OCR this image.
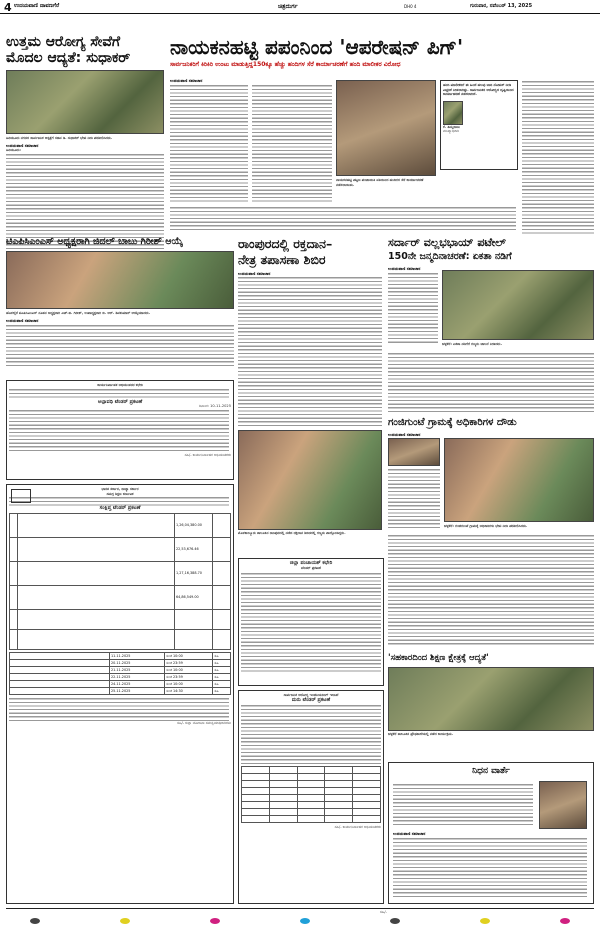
4 ಉದಯವಾಣಿ ದಾವಣಗೆರೆ	ಚಿತ್ರದುರ್ಗ	DH0 4	ಗುರುವಾರ, ನವೆಂಬರ್ 13, 2025
ಉತ್ತಮ ಆರೋಗ್ಯ ಸೇವೆಗೆ
ಮೊದಲ ಆದ್ಯತೆ: ಸುಧಾಕರ್
ಹಿರಿಯೂರು ನಗರದ ಸಾರ್ವಜನಿಕ ಆಸ್ಪತ್ರೆಗೆ ಸಚಿವ ಡಿ. ಸುಧಾಕರ್ ಭೇಟಿ ನೀಡಿ ಪರಿಶೀಲಿಸಿದರು.
ಉದಯವಾಣಿ ಸಮಾಚಾರ
ಹಿರಿಯೂರು:
ನಾಯಕನಹಟ್ಟಿ ಪಪಂನಿಂದ 'ಆಪರೇಷನ್ ಪಿಗ್'
ಸಾರ್ವಜನಿಕರಿಗೆ ಕಿರಿಕಿರಿ ಉಂಟು ಮಾಡುತ್ತಿದ್ದ150ಕ್ಕೂ ಹೆಚ್ಚು ಹಂದಿಗಳ ಸೆರೆ ಕಾರ್ಯಾಚರಣೆಗೆ ಹಂದಿ ಮಾಲೀಕರ ವಿರೋಧ
ಉದಯವಾಣಿ ಸಮಾಚಾರ
ನಾಯಕನಹಟ್ಟಿ ಪಟ್ಟಣ ಪಂಚಾಯಿತಿ ವತಿಯಿಂದ ಹಂದಿಗಳ ಸೆರೆ ಕಾರ್ಯಾಚರಣೆ ನಡೆಸಲಾಯಿತು.
ಹಂದಿ ಮಾಲೀಕರಿಗೆ ಈ ಹಿಂದೆ ಹಲವು ಬಾರಿ ನೋಟಿಸ್ ನೀಡಿ ಎಚ್ಚರಿಕೆ ನೀಡಲಾಗಿತ್ತು. ಸಾರ್ವಜನಿಕರ ಆರೋಗ್ಯದ ದೃಷ್ಟಿಯಿಂದ ಕಾರ್ಯಾಚರಣೆ ನಡೆಸಲಾಗಿದೆ.
ಕೆ. ತಿಮ್ಮರಾಜು
ಮುಖ್ಯಾಧಿಕಾರಿ
ಟಿಎಪಿಸಿಎಂಎಸ್ ಅಧ್ಯಕ್ಷರಾಗಿ ಜಿದಲ್ ಬಾಬು ಗಿರೀಶ್ ಆಯ್ಕೆ
ಹೊಳಲ್ಕೆರೆ ಟಿಎಪಿಸಿಎಂಎಸ್ ನೂತನ ಅಧ್ಯಕ್ಷರಾಗಿ ಎಚ್.ಬಿ. ಗಿರೀಶ್, ಉಪಾಧ್ಯಕ್ಷರಾಗಿ ಬಿ. ಆರ್. ಶಿವಕುಮಾರ್ ಆಯ್ಕೆಯಾದರು.
ಉದಯವಾಣಿ ಸಮಾಚಾರ
ಕಾರ್ಯನಿರ್ವಾಹಕ ಅಭಿಯಂತರರ ಕಛೇರಿ
ಅಲ್ಪಾವಧಿ ಟೆಂಡರ್ ಪ್ರಕಟಣೆ
ದಿನಾಂಕ: 10-11-2025
ಸಹಿ/- ಕಾರ್ಯನಿರ್ವಾಹಕ ಅಭಿಯಂತರರು
ರಾಂಪುರದಲ್ಲಿ ರಕ್ತದಾನ–
ನೇತ್ರ ತಪಾಸಣಾ ಶಿಬಿರ
ಉದಯವಾಣಿ ಸಮಾಚಾರ
ಮೊಳಕಾಲ್ಮೂರು ತಾಲೂಕಿನ ರಾಂಪುರದಲ್ಲಿ ನಡೆದ ರಕ್ತದಾನ ಶಿಬಿರದಲ್ಲಿ ಗಣ್ಯರು ಪಾಲ್ಗೊಂಡಿದ್ದರು.
ಸರ್ದಾರ್ ವಲ್ಲಭಭಾಯ್ ಪಟೇಲ್
150ನೇ ಜನ್ಮದಿನಾಚರಣೆ: ಏಕತಾ ನಡಿಗೆ
ಉದಯವಾಣಿ ಸಮಾಚಾರ
ಚಳ್ಳಕೆರೆ: ಏಕತಾ ನಡಿಗೆಗೆ ಗಣ್ಯರು ಚಾಲನೆ ನೀಡಿದರು.
ಗಂಜಿಗುಂಟೆ ಗ್ರಾಮಕ್ಕೆ ಅಧಿಕಾರಿಗಳ ದೌಡು
ಉದಯವಾಣಿ ಸಮಾಚಾರ
ಚಳ್ಳಕೆರೆ: ಗಂಜಿಗುಂಟೆ ಗ್ರಾಮಕ್ಕೆ ಅಧಿಕಾರಿಗಳು ಭೇಟಿ ನೀಡಿ ಪರಿಶೀಲಿಸಿದರು.
ಭಾರತ ಸರ್ಕಾರ, ರಾಜ್ಯಾ ಸರ್ಕಾರ
ಸಮಗ್ರ ಶಿಕ್ಷಣ ಕರ್ನಾಟಕ
ಸಂಕ್ಷಿಪ್ತ ಟೆಂಡರ್ ಪ್ರಕಟಣೆ
		1,26,04,380.00	
		22,53,676.46	
		1,27,16,388.70	
		64,86,549.00	

	11.11.2025	ಸಂಜೆ 10:00	ಸಹಿ
	20.11.2025	ಸಂಜೆ 23:59	ಸಹಿ
	21.11.2025	ಸಂಜೆ 10:00	ಸಹಿ
	22.11.2025	ಸಂಜೆ 23:59	ಸಹಿ
	24.11.2025	ಸಂಜೆ 10:00	ಸಹಿ
	25.11.2025	ಸಂಜೆ 14:30	ಸಹಿ
ಸಹಿ/- ಜಿಲ್ಲಾ ಯೋಜನಾ ಸಮನ್ವಯಾಧಿಕಾರಿಗಳು
ಜಿಲ್ಲಾ ಪಂಚಾಯತ್ ಕಛೇರಿ
ಟೆಂಡರ್ ಪ್ರಕಟಣೆ
ಸಾರ್ವಜನಿಕ ಆರೋಗ್ಯ ಇಂಜಿನಿಯರಿಂಗ್ ಇಲಾಖೆ
ಮರು ಟೆಂಡರ್ ಪ್ರಕಟಣೆ

ಸಹಿ/- ಕಾರ್ಯನಿರ್ವಾಹಕ ಅಭಿಯಂತರರು
'ಸಹಕಾರದಿಂದ ಶಿಕ್ಷಣ ಕ್ಷೇತ್ರಕ್ಕೆ ಆದ್ಯತೆ'
ಚಳ್ಳಕೆರೆ ತಾಲೂಕಿನ ಪ್ರೌಢಶಾಲೆಯಲ್ಲಿ ನಡೆದ ಕಾರ್ಯಕ್ರಮ.
ನಿಧನ ವಾರ್ತೆ
ಉದಯವಾಣಿ ಸಮಾಚಾರ
ಸಹಿ/-
